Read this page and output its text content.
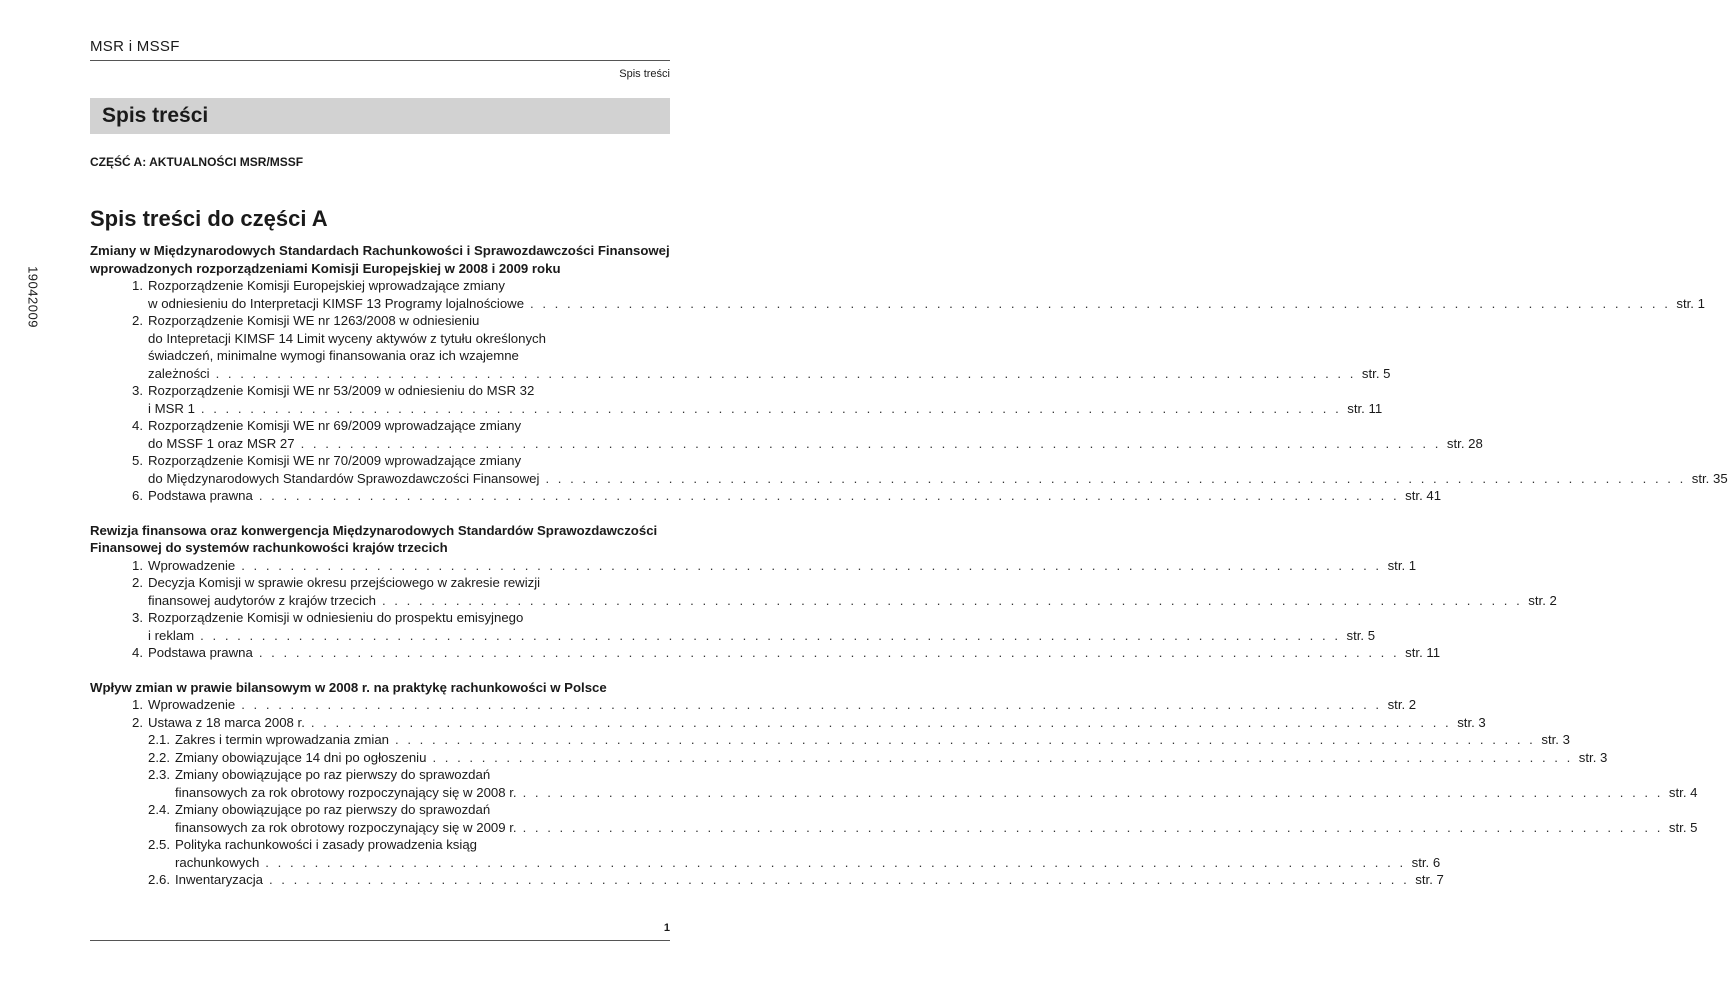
MSR i MSSF
Spis treści
Spis treści
CZĘŚĆ A: AKTUALNOŚCI MSR/MSSF
Spis treści do części A
19042009
Zmiany w Międzynarodowych Standardach Rachunkowości i Sprawozdawczości Finansowej wprowadzonych rozporządzeniami Komisji Europejskiej w 2008 i 2009 roku
1. Rozporządzenie Komisji Europejskiej wprowadzające zmiany
w odniesieniu do Interpretacji KIMSF 13 Programy lojalnościowe . . .	str. 1
2. Rozporządzenie Komisji WE nr 1263/2008 w odniesieniu
do Intepretacji KIMSF 14 Limit wyceny aktywów z tytułu określonych
świadczeń, minimalne wymogi finansowania oraz ich wzajemne
zależności . . .	str. 5
3. Rozporządzenie Komisji WE nr 53/2009 w odniesieniu do MSR 32
i MSR 1 . . .	str. 11
4. Rozporządzenie Komisji WE nr 69/2009 wprowadzające zmiany
do MSSF 1 oraz MSR 27 . . .	str. 28
5. Rozporządzenie Komisji WE nr 70/2009 wprowadzające zmiany
do Międzynarodowych Standardów Sprawozdawczości Finansowej . . .	str. 35
6. Podstawa prawna . . .	str. 41
Rewizja finansowa oraz konwergencja Międzynarodowych Standardów Sprawozdawczości Finansowej do systemów rachunkowości krajów trzecich
1. Wprowadzenie . . .	str. 1
2. Decyzja Komisji w sprawie okresu przejściowego w zakresie rewizji
finansowej audytorów z krajów trzecich . . .	str. 2
3. Rozporządzenie Komisji w odniesieniu do prospektu emisyjnego
i reklam . . .	str. 5
4. Podstawa prawna . . .	str. 11
Wpływ zmian w prawie bilansowym w 2008 r. na praktykę rachunkowości w Polsce
1. Wprowadzenie . . .	str. 2
2. Ustawa z 18 marca 2008 r. . . .	str. 3
2.1. Zakres i termin wprowadzania zmian . . .	str. 3
2.2. Zmiany obowiązujące 14 dni po ogłoszeniu . . .	str. 3
2.3. Zmiany obowiązujące po raz pierwszy do sprawozdań
finansowych za rok obrotowy rozpoczynający się w 2008 r. . . .	str. 4
2.4. Zmiany obowiązujące po raz pierwszy do sprawozdań
finansowych za rok obrotowy rozpoczynający się w 2009 r. . . .	str. 5
2.5. Polityka rachunkowości i zasady prowadzenia ksiąg
rachunkowych . . .	str. 6
2.6. Inwentaryzacja . . .	str. 7
1
